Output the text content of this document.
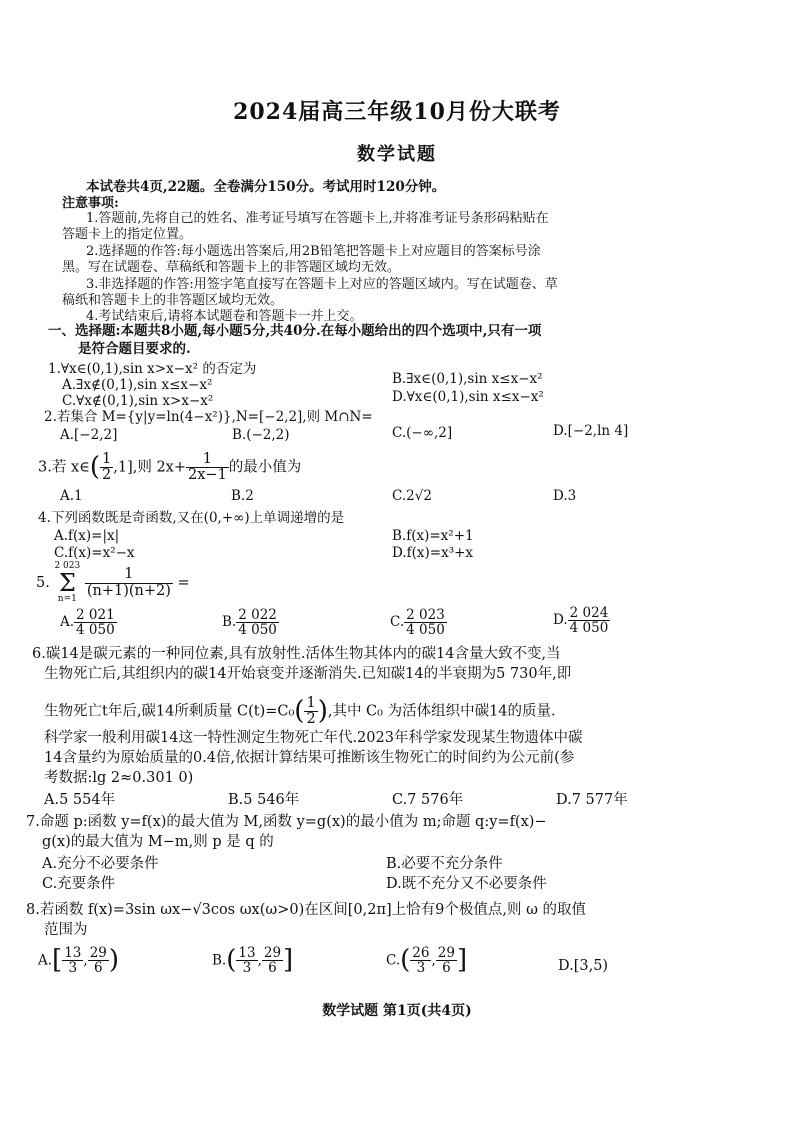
2024届高三年级10月份大联考
数学试题
本试卷共4页,22题。全卷满分150分。考试用时120分钟。
注意事项:
1.答题前,先将自己的姓名、准考证号填写在答题卡上,并将准考证号条形码粘贴在
答题卡上的指定位置。
2.选择题的作答:每小题选出答案后,用2B铅笔把答题卡上对应题目的答案标号涂
黑。写在试题卷、草稿纸和答题卡上的非答题区域均无效。
3.非选择题的作答:用签字笔直接写在答题卡上对应的答题区域内。写在试题卷、草
稿纸和答题卡上的非答题区域均无效。
4.考试结束后,请将本试题卷和答题卡一并上交。
一、选择题:本题共8小题,每小题5分,共40分.在每小题给出的四个选项中,只有一项
是符合题目要求的.
1.∀x∈(0,1),sin x>x−x² 的否定为
A.∃x∉(0,1),sin x≤x−x²	B.∃x∈(0,1),sin x≤x−x²
C.∀x∉(0,1),sin x>x−x²	D.∀x∈(0,1),sin x≤x−x²
2.若集合 M={y|y=ln(4−x²)},N=[−2,2],则 M∩N=
A.[−2,2]	B.(−2,2)	C.(−∞,2]	D.[−2,ln 4]
3.若 x∈( $\frac{1}{2} ,1$],则 $2x+ \frac{1}{2x-1}$ 的最小值为
A.1	B.2	C.2√2	D.3
4.下列函数既是奇函数,又在(0,+∞)上单调递增的是
A.f(x)=|x|	B.f(x)=x²+1
C.f(x)=x²−x	D.f(x)=x³+x
5.
2 023
Σ
n=1

$\frac{1}{(n+1)(n+2)}$ =
A. $\frac{2 021}{4 050}$	B. $\frac{2 022}{4 050}$	C. $\frac{2 023}{4 050}$	D. $\frac{2 024}{4 050}$
6.碳14是碳元素的一种同位素,具有放射性.活体生物其体内的碳14含量大致不变,当
生物死亡后,其组织内的碳14开始衰变并逐渐消失.已知碳14的半衰期为5 730年,即
生物死亡t年后,碳14所剩质量 $C(t)=C_0( \frac{1}{2}$ ),其中 C₀ 为活体组织中碳14的质量.
科学家一般利用碳14这一特性测定生物死亡年代.2023年科学家发现某生物遗体中碳
14含量约为原始质量的0.4倍,依据计算结果可推断该生物死亡的时间约为公元前(参
考数据:lg 2≈0.301 0)
A.5 554年	B.5 546年	C.7 576年	D.7 577年
7.命题 p:函数 y=f(x)的最大值为 M,函数 y=g(x)的最小值为 m;命题 q:y=f(x)−
g(x)的最大值为 M−m,则 p 是 q 的
A.充分不必要条件	B.必要不充分条件
C.充要条件	D.既不充分又不必要条件
8.若函数 f(x)=3sin ωx−√3cos ωx(ω>0)在区间[0,2π]上恰有9个极值点,则 ω 的取值
范围为
$A.[ \frac{13}{3}$ , $\frac{29}{6}$ )	$B.( \frac{13}{3}$ , $\frac{29}{6}$ ]	$C.( \frac{26}{3}$ , $\frac{29}{6}$ ]	D.[3,5)
数学试题 第1页(共4页)
